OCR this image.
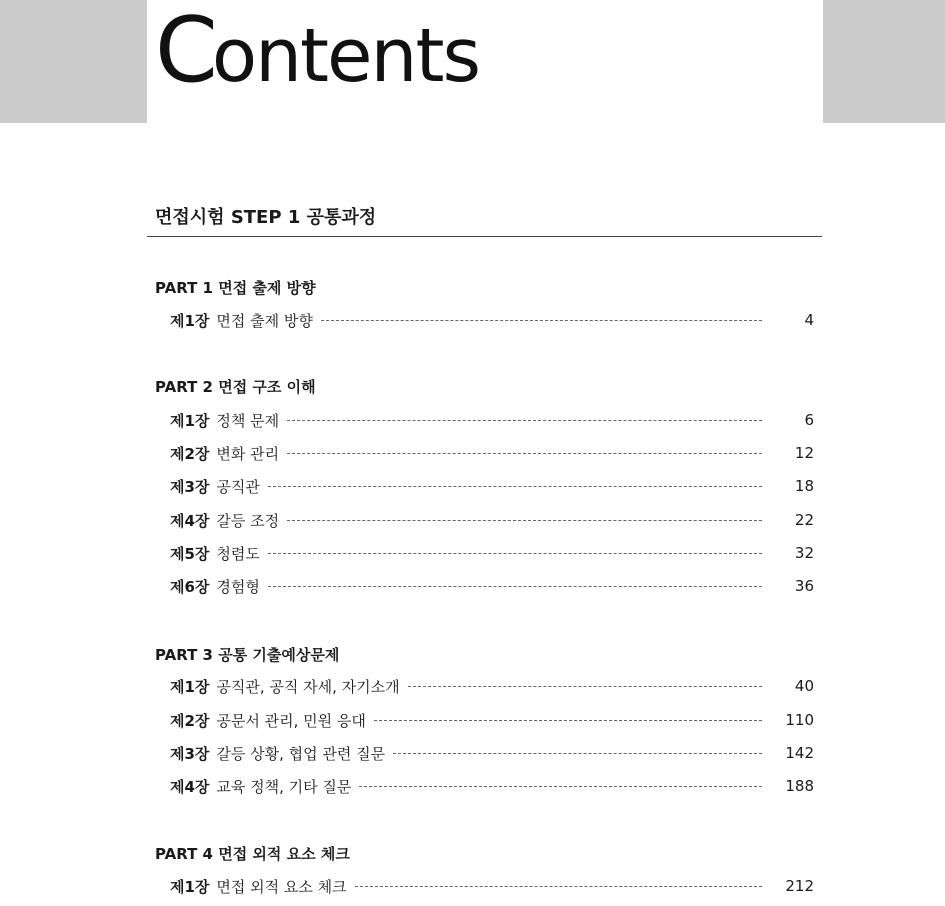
Contents
면접시험 STEP 1 공통과정
PART 1 면접 출제 방향
제1장 면접 출제 방향	4
PART 2 면접 구조 이해
제1장 정책 문제	6
제2장 변화 관리	12
제3장 공직관	18
제4장 갈등 조정	22
제5장 청렴도	32
제6장 경험형	36
PART 3 공통 기출예상문제
제1장 공직관, 공직 자세, 자기소개	40
제2장 공문서 관리, 민원 응대	110
제3장 갈등 상황, 협업 관련 질문	142
제4장 교육 정책, 기타 질문	188
PART 4 면접 외적 요소 체크
제1장 면접 외적 요소 체크	212
